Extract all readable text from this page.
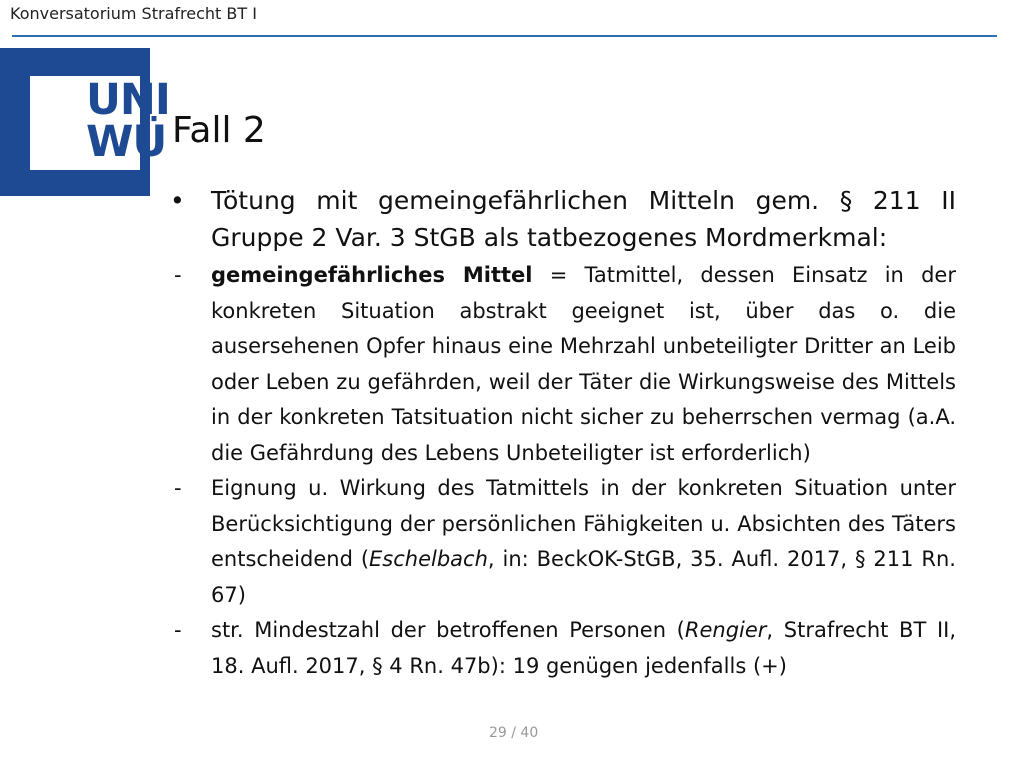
Konversatorium Strafrecht BT I
UNI
WÜ Fall 2
• Tötung mit gemeingefährlichen Mitteln gem. § 211 II Gruppe 2 Var. 3 StGB als tatbezogenes Mordmerkmal:
- gemeingefährliches Mittel = Tatmittel, dessen Einsatz in der konkreten Situation abstrakt geeignet ist, über das o. die ausersehenen Opfer hinaus eine Mehrzahl unbeteiligter Dritter an Leib oder Leben zu gefährden, weil der Täter die Wirkungsweise des Mittels in der konkreten Tatsituation nicht sicher zu beherrschen vermag (a.A. die Gefährdung des Lebens Unbeteiligter ist erforderlich)
- Eignung u. Wirkung des Tatmittels in der konkreten Situation unter Berücksichtigung der persönlichen Fähigkeiten u. Absichten des Täters entscheidend (Eschelbach, in: BeckOK-StGB, 35. Aufl. 2017, § 211 Rn. 67)
- str. Mindestzahl der betroffenen Personen (Rengier, Strafrecht BT II, 18. Aufl. 2017, § 4 Rn. 47b): 19 genügen jedenfalls (+)
29 / 40
